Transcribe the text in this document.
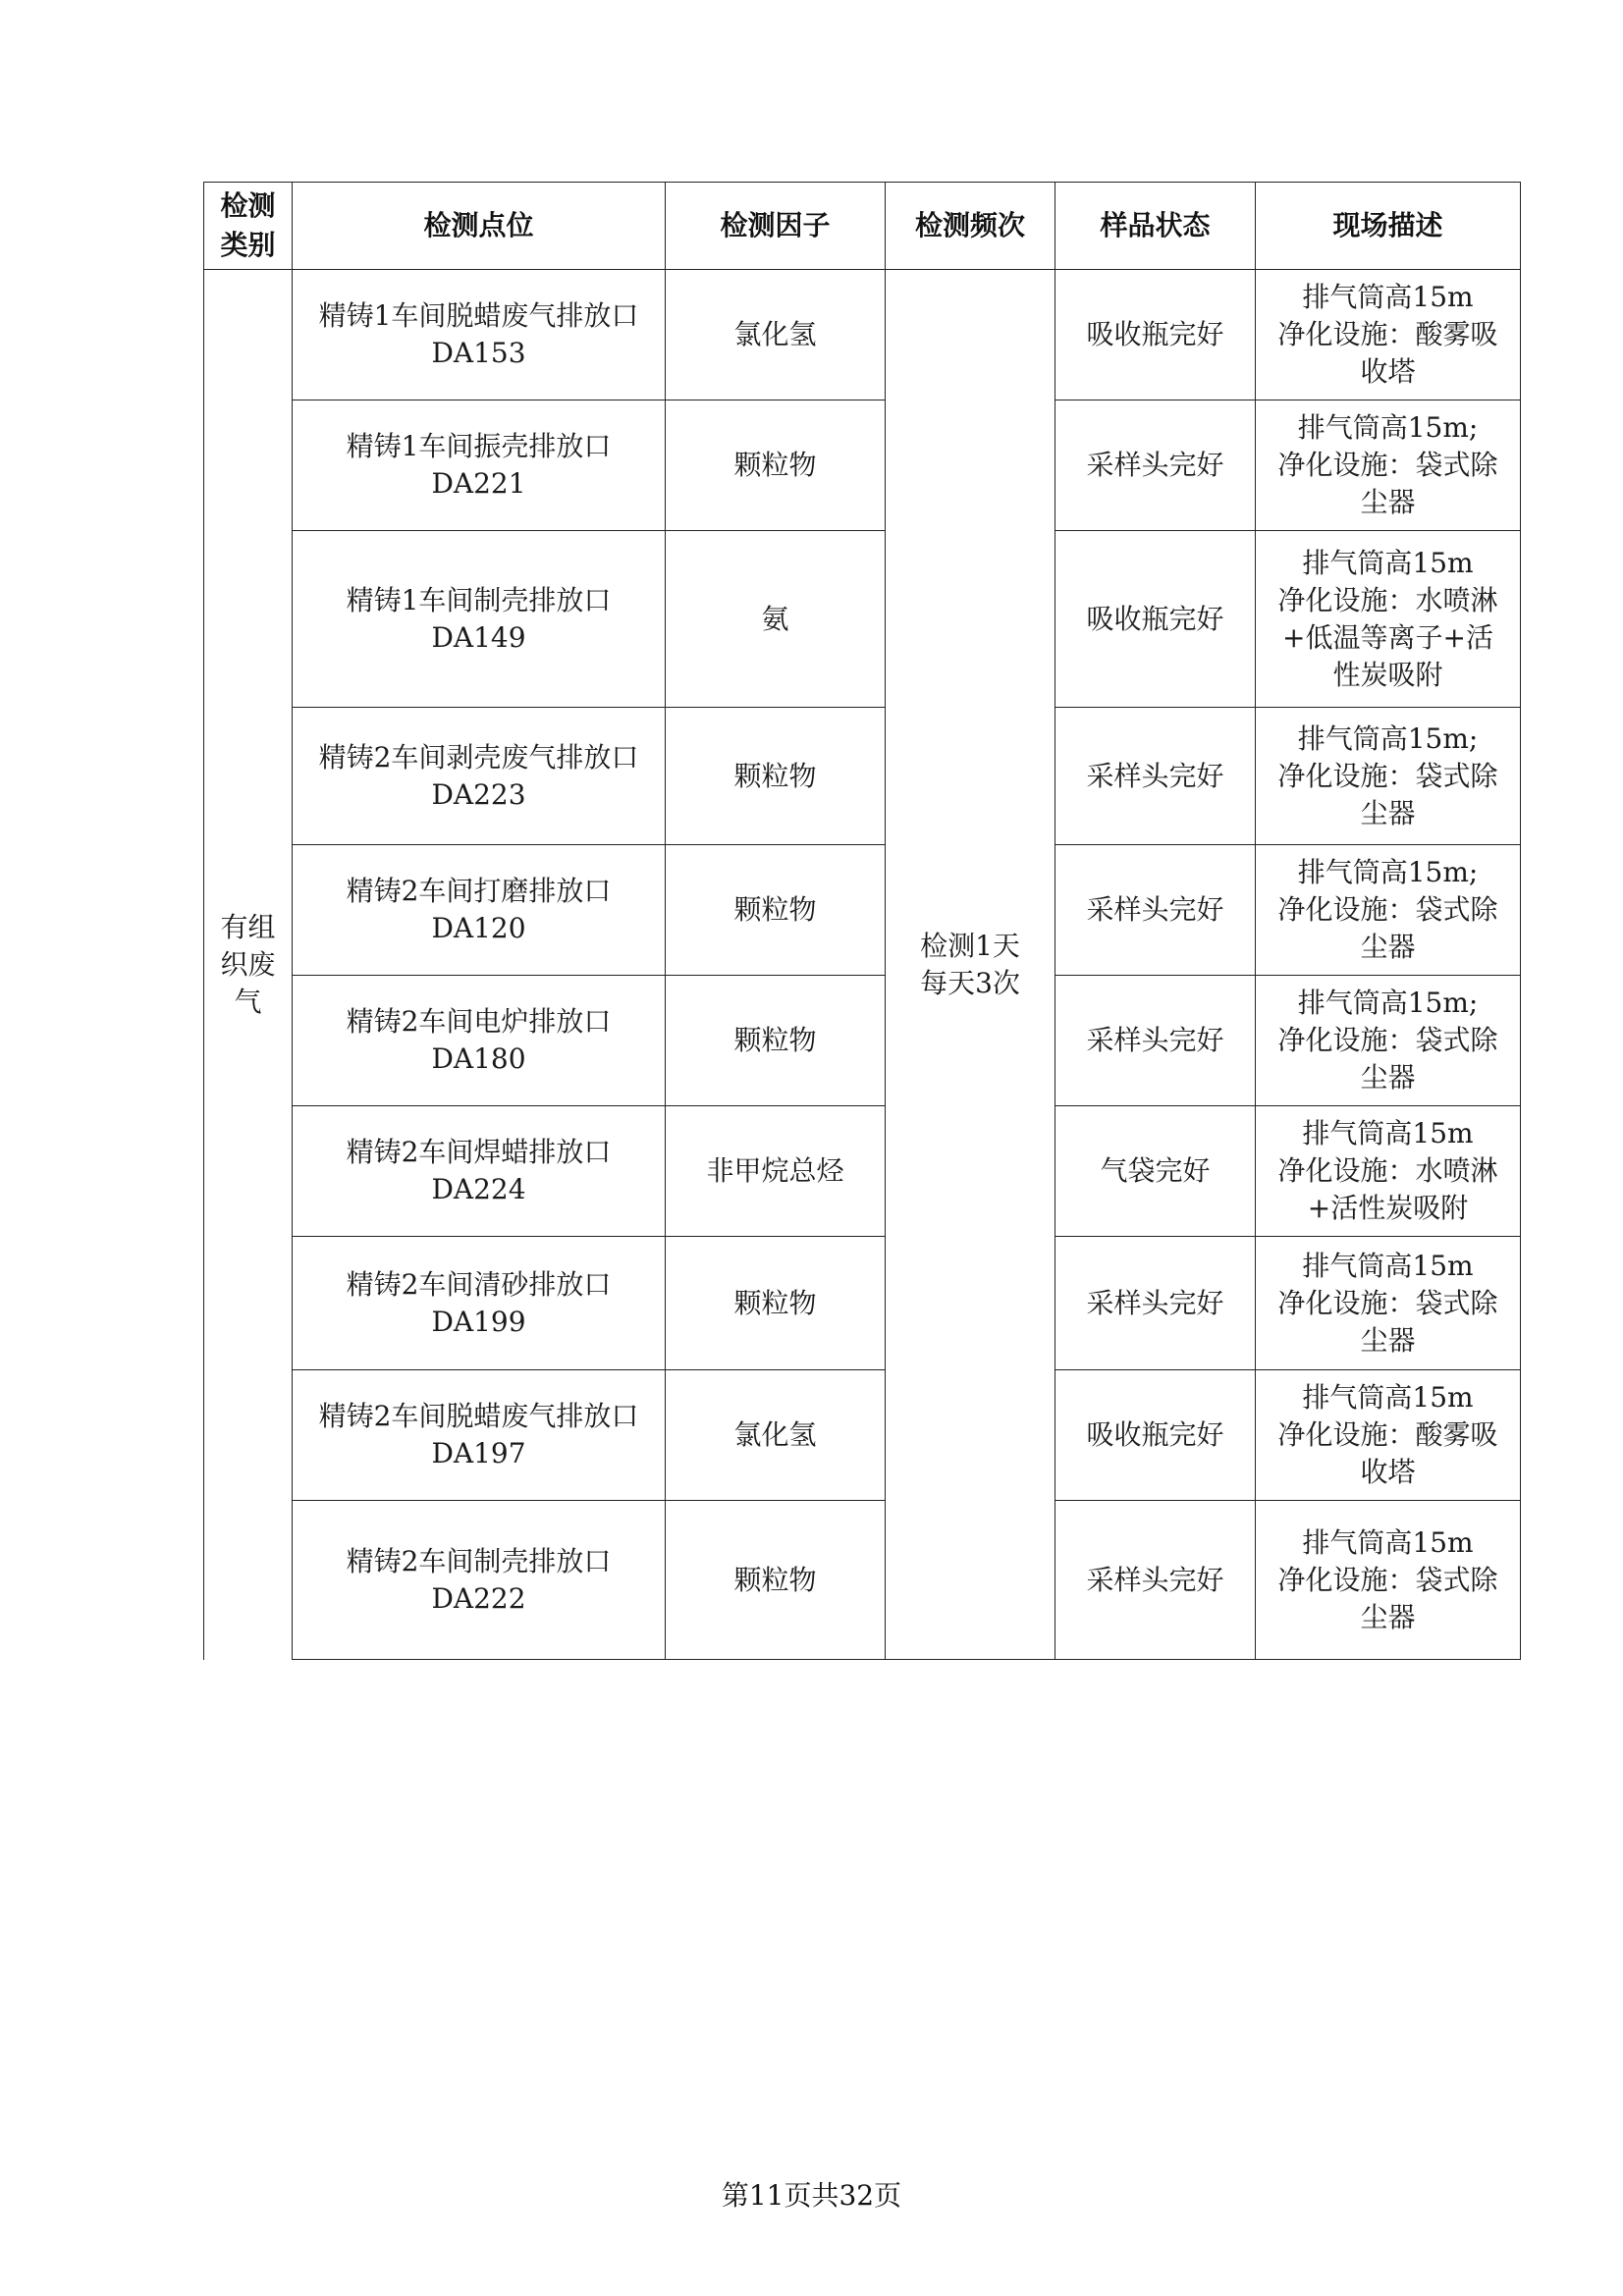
检测
类别	检测点位	检测因子	检测频次	样品状态	现场描述

有组
织废
气	精铸1车间脱蜡废气排放口
DA153	氯化氢	检测1天
每天3次	吸收瓶完好	排气筒高15m
净化设施：酸雾吸
收塔

	精铸1车间振壳排放口
DA221	颗粒物		采样头完好	排气筒高15m;
净化设施：袋式除
尘器

	精铸1车间制壳排放口
DA149	氨		吸收瓶完好	排气筒高15m
净化设施：水喷淋
+低温等离子+活
性炭吸附

	精铸2车间剥壳废气排放口
DA223	颗粒物		采样头完好	排气筒高15m;
净化设施：袋式除
尘器

	精铸2车间打磨排放口
DA120	颗粒物		采样头完好	排气筒高15m;
净化设施：袋式除
尘器

	精铸2车间电炉排放口
DA180	颗粒物		采样头完好	排气筒高15m;
净化设施：袋式除
尘器

	精铸2车间焊蜡排放口
DA224	非甲烷总烃		气袋完好	排气筒高15m
净化设施：水喷淋
+活性炭吸附

	精铸2车间清砂排放口
DA199	颗粒物		采样头完好	排气筒高15m
净化设施：袋式除
尘器

	精铸2车间脱蜡废气排放口
DA197	氯化氢		吸收瓶完好	排气筒高15m
净化设施：酸雾吸
收塔

	精铸2车间制壳排放口
DA222	颗粒物		采样头完好	排气筒高15m
净化设施：袋式除
尘器
第11页共32页
